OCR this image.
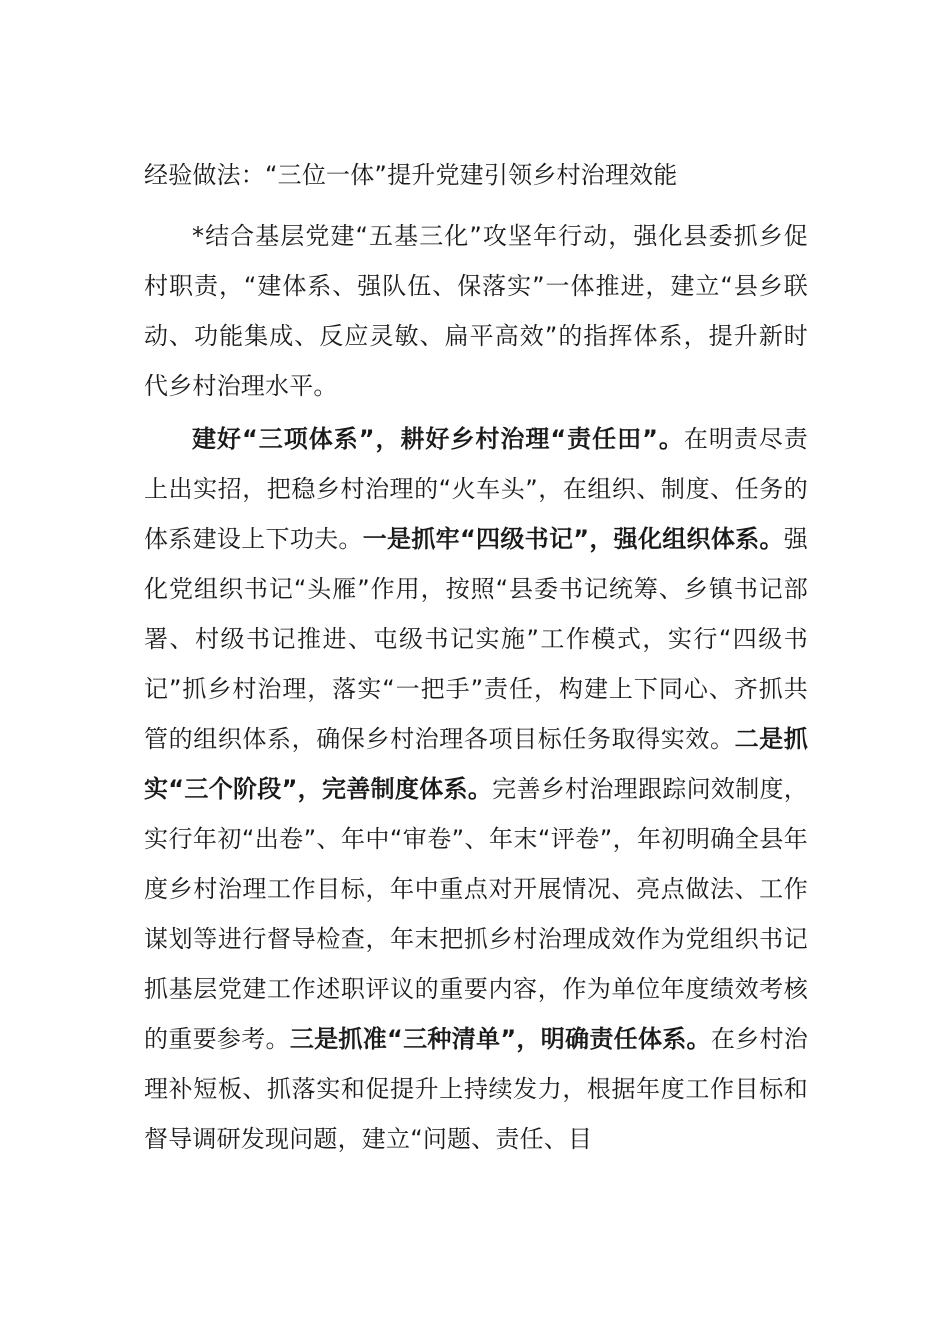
经验做法：“三位一体”提升党建引领乡村治理效能

*结合基层党建“五基三化”攻坚年行动，强化县委抓乡促村职责，“建体系、强队伍、保落实”一体推进，建立“县乡联动、功能集成、反应灵敏、扁平高效”的指挥体系，提升新时代乡村治理水平。

建好“三项体系”，耕好乡村治理“责任田”。在明责尽责上出实招，把稳乡村治理的“火车头”，在组织、制度、任务的体系建设上下功夫。一是抓牢“四级书记”，强化组织体系。强化党组织书记“头雁”作用，按照“县委书记统筹、乡镇书记部署、村级书记推进、屯级书记实施”工作模式，实行“四级书记”抓乡村治理，落实“一把手”责任，构建上下同心、齐抓共管的组织体系，确保乡村治理各项目标任务取得实效。二是抓实“三个阶段”，完善制度体系。完善乡村治理跟踪问效制度，实行年初“出卷”、年中“审卷”、年末“评卷”，年初明确全县年度乡村治理工作目标，年中重点对开展情况、亮点做法、工作谋划等进行督导检查，年末把抓乡村治理成效作为党组织书记抓基层党建工作述职评议的重要内容，作为单位年度绩效考核的重要参考。三是抓准“三种清单”，明确责任体系。在乡村治理补短板、抓落实和促提升上持续发力，根据年度工作目标和督导调研发现问题，建立“问题、责任、目
